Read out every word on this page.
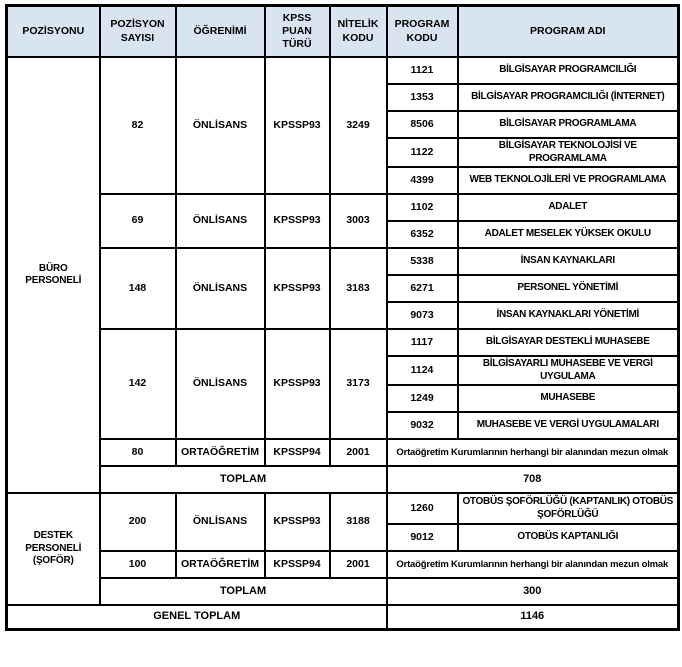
POZİSYONU	POZİSYON SAYISI	ÖĞRENİMİ	KPSS PUAN TÜRÜ	NİTELİK KODU	PROGRAM KODU	PROGRAM ADI
BÜRO PERSONELİ	82	ÖNLİSANS	KPSSP93	3249	1121	BİLGİSAYAR PROGRAMCILIĞI
					1353	BİLGİSAYAR PROGRAMCILIĞI (İNTERNET)
					8506	BİLGİSAYAR PROGRAMLAMA
					1122	BİLGİSAYAR TEKNOLOJİSİ VE PROGRAMLAMA
					4399	WEB TEKNOLOJİLERİ VE PROGRAMLAMA
	69	ÖNLİSANS	KPSSP93	3003	1102	ADALET
					6352	ADALET MESELEK YÜKSEK OKULU
	148	ÖNLİSANS	KPSSP93	3183	5338	İNSAN KAYNAKLARI
					6271	PERSONEL YÖNETİMİ
					9073	İNSAN KAYNAKLARI YÖNETİMİ
	142	ÖNLİSANS	KPSSP93	3173	1117	BİLGİSAYAR DESTEKLİ MUHASEBE
					1124	BİLGİSAYARLI MUHASEBE VE VERGİ UYGULAMA
					1249	MUHASEBE
					9032	MUHASEBE VE VERGİ UYGULAMALARI
	80	ORTAÖĞRETİM	KPSSP94	2001	Ortaöğretim Kurumlarının herhangi bir alanından mezun olmak	
	TOPLAM				708	
DESTEK PERSONELİ (ŞOFÖR)	200	ÖNLİSANS	KPSSP93	3188	1260	OTOBÜS ŞOFÖRLÜĞÜ (KAPTANLIK) OTOBÜS ŞOFÖRLÜĞÜ
					9012	OTOBÜS KAPTANLIĞI
	100	ORTAÖĞRETİM	KPSSP94	2001	Ortaöğretim Kurumlarının herhangi bir alanından mezun olmak	
	TOPLAM				300	
GENEL TOPLAM					1146	
